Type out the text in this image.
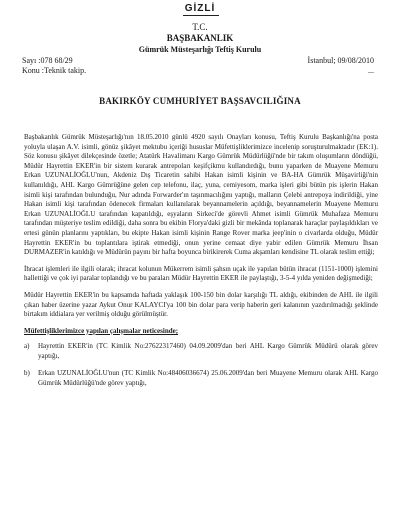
GİZLİ
T.C.
BAŞBAKANLIK
Gümrük Müsteşarlığı Teftiş Kurulu
Sayı :078 68/29
Konu :Teknik takip.
İstanbul; 09/08/2010
...
BAKIRKÖY CUMHURİYET BAŞSAVCILIĞINA

Başbakanlık Gümrük Müsteşarlığı'nın 18.05.2010 günlü 4920 sayılı Onayları konusu, Teftiş Kurulu Başkanlığı'na posta yoluyla ulaşan A.V. isimli, gönüz şikâyet mektubu içeriği hususlar Müfettişliklerimizce incelenip soruşturulmaktadır (EK:1). Söz konusu şikâyet dilekçesinde özetle; Atatürk Havalimanı Kargo Gümrük Müdürlüğü'nde bir takım oluşumların döndüğü, Müdür Hayrettin EKER'in bir sistem kurarak antrepoları keşifçikmu kullandırdığı, bunu yaparken de Muayene Memuru Erkan UZUNALİOĞLU'nun, Akdeniz Dış Ticaretin sahibi Hakan isimli kişinin ve BA-HA Gümrük Müşavirliği'nin kullanıldığı, AHL Kargo Gümrüğüne gelen cep telefonu, ilaç, yuna, cemiyesom, marka işleri gibi bütün pis işlerin Hakan isimli kişi tarafından bulunduğu, Nur adında Forwarder'ın taşınmacılığını yaptığı, malların Çelebi antrepoya indirildiği, yine Hakan isimli kişi tarafından ödenecek firmaları kullanılarak beyannamelerin açıldığı, beyannamelerin Muayene Memuru Erkan UZUNALİOĞLU tarafından kapatıldığı, eşyaların Sirkeci'de görevli Ahmet isimli Gümrük Muhafaza Memuru tarafından müşteriye teslim edildiği, daha sonra bu ekibin Florya'daki gizli bir mekânda toplanarak haraçlar paylaşıldıkları ve ertesi günün planlarını yaptıkları, bu ekipte Hakan isimli kişinin Range Rover marka jeep'inin o civarlarda olduğu, Müdür Hayrettin EKER'in bu toplantılara iştirak etmediği, onun yerine cemaat diye yabir edilen Gümrük Memuru İhsan DURMAZER'in katıldığı ve Müdürün payını bir hafta boyunca birikirerek Cuma akşamları kendisine TL olarak teslim ettiği;

İhracat işlemleri ile ilgili olarak; ihracat kolunun Mükerrem isimli şahsın uçak ile yapılan bütün ihracat (1151-1000) işlemini hallettiği ve çok iyi paralar toplandığı ve bu paraları Müdür Hayrettin EKER ile paylaştığı, 3-5-4 yılda yeniden değişmediği;

Müdür Hayrettin EKER'in bu kapsamda haftada yaklaşık 100-150 bin dolar karşılığı TL aldığı, ekibinden de AHL ile ilgili çıkan haber üzerine yazar Aykut Onur KALAYCI'ya 100 bin dolar para verip haberin geri kalanının yazdırılmadığı şeklinde birtakım iddialara yer verilmiş olduğu görülmüştür.

Müfettişliklerimizce yapılan çalışmalar neticesinde;
a)	Hayrettin EKER'in (TC Kimlik No:27622317460) 04.09.2009'dan beri AHL Kargo Gümrük Müdürü olarak görev yaptığı,
b)	Erkan UZUNALİOĞLU'nun (TC Kimlik No:48406036674) 25.06.2009'dan beri Muayene Memuru olarak AHL Kargo Gümrük Müdürlüğü'nde görev yaptığı,
